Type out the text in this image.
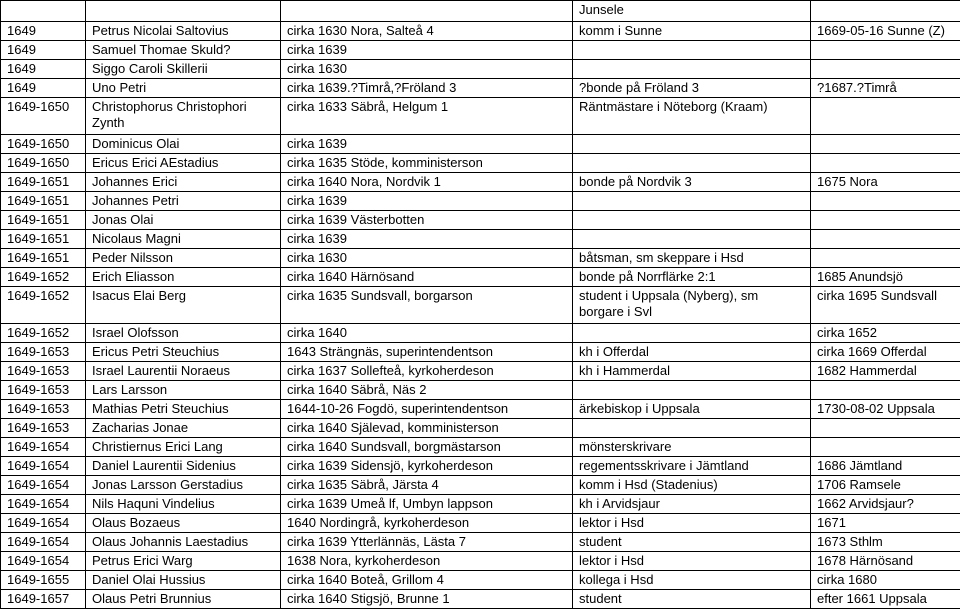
			Junsele		
1649	Petrus Nicolai Saltovius	cirka 1630 Nora, Salteå 4	komm i Sunne	1669-05-16 Sunne (Z)	
1649	Samuel Thomae Skuld?	cirka 1639			
1649	Siggo Caroli Skillerii	cirka 1630			
1649	Uno Petri	cirka 1639.?Timrå,?Fröland 3	?bonde på Fröland 3	?1687.?Timrå	
1649-1650	Christophorus Christophori Zynth	cirka 1633 Säbrå, Helgum 1	Räntmästare i Nöteborg (Kraam)		
1649-1650	Dominicus Olai	cirka 1639			
1649-1650	Ericus Erici AEstadius	cirka 1635 Stöde, komministerson			
1649-1651	Johannes Erici	cirka 1640 Nora, Nordvik 1	bonde på Nordvik 3	1675 Nora	
1649-1651	Johannes Petri	cirka 1639			
1649-1651	Jonas Olai	cirka 1639 Västerbotten			
1649-1651	Nicolaus Magni	cirka 1639			
1649-1651	Peder Nilsson	cirka 1630	båtsman, sm skeppare i Hsd		
1649-1652	Erich Eliasson	cirka 1640 Härnösand	bonde på Norrflärke 2:1	1685 Anundsjö	
1649-1652	Isacus Elai Berg	cirka 1635 Sundsvall, borgarson	student i Uppsala (Nyberg), sm borgare i Svl	cirka 1695 Sundsvall	
1649-1652	Israel Olofsson	cirka 1640		cirka 1652	
1649-1653	Ericus Petri Steuchius	1643 Strängnäs, superintendentson	kh i Offerdal	cirka 1669 Offerdal	
1649-1653	Israel Laurentii Noraeus	cirka 1637 Sollefteå, kyrkoherdeson	kh i Hammerdal	1682 Hammerdal	
1649-1653	Lars Larsson	cirka 1640 Säbrå, Näs 2			
1649-1653	Mathias Petri Steuchius	1644-10-26 Fogdö, superintendentson	ärkebiskop i Uppsala	1730-08-02 Uppsala	
1649-1653	Zacharias Jonae	cirka 1640 Själevad, komministerson			
1649-1654	Christiernus Erici Lang	cirka 1640 Sundsvall, borgmästarson	mönsterskrivare		
1649-1654	Daniel Laurentii Sidenius	cirka 1639 Sidensjö, kyrkoherdeson	regementsskrivare i Jämtland	1686 Jämtland	
1649-1654	Jonas Larsson Gerstadius	cirka 1635 Säbrå, Järsta 4	komm i Hsd (Stadenius)	1706 Ramsele	
1649-1654	Nils Haquni Vindelius	cirka 1639 Umeå lf, Umbyn lappson	kh i Arvidsjaur	1662 Arvidsjaur?	
1649-1654	Olaus Bozaeus	1640 Nordingrå, kyrkoherdeson	lektor i Hsd	1671	
1649-1654	Olaus Johannis Laestadius	cirka 1639 Ytterlännäs, Lästa 7	student	1673 Sthlm	
1649-1654	Petrus Erici Warg	1638 Nora, kyrkoherdeson	lektor i Hsd	1678 Härnösand	
1649-1655	Daniel Olai Hussius	cirka 1640 Boteå, Grillom 4	kollega i Hsd	cirka 1680	
1649-1657	Olaus Petri Brunnius	cirka 1640 Stigsjö, Brunne 1	student	efter 1661 Uppsala	
